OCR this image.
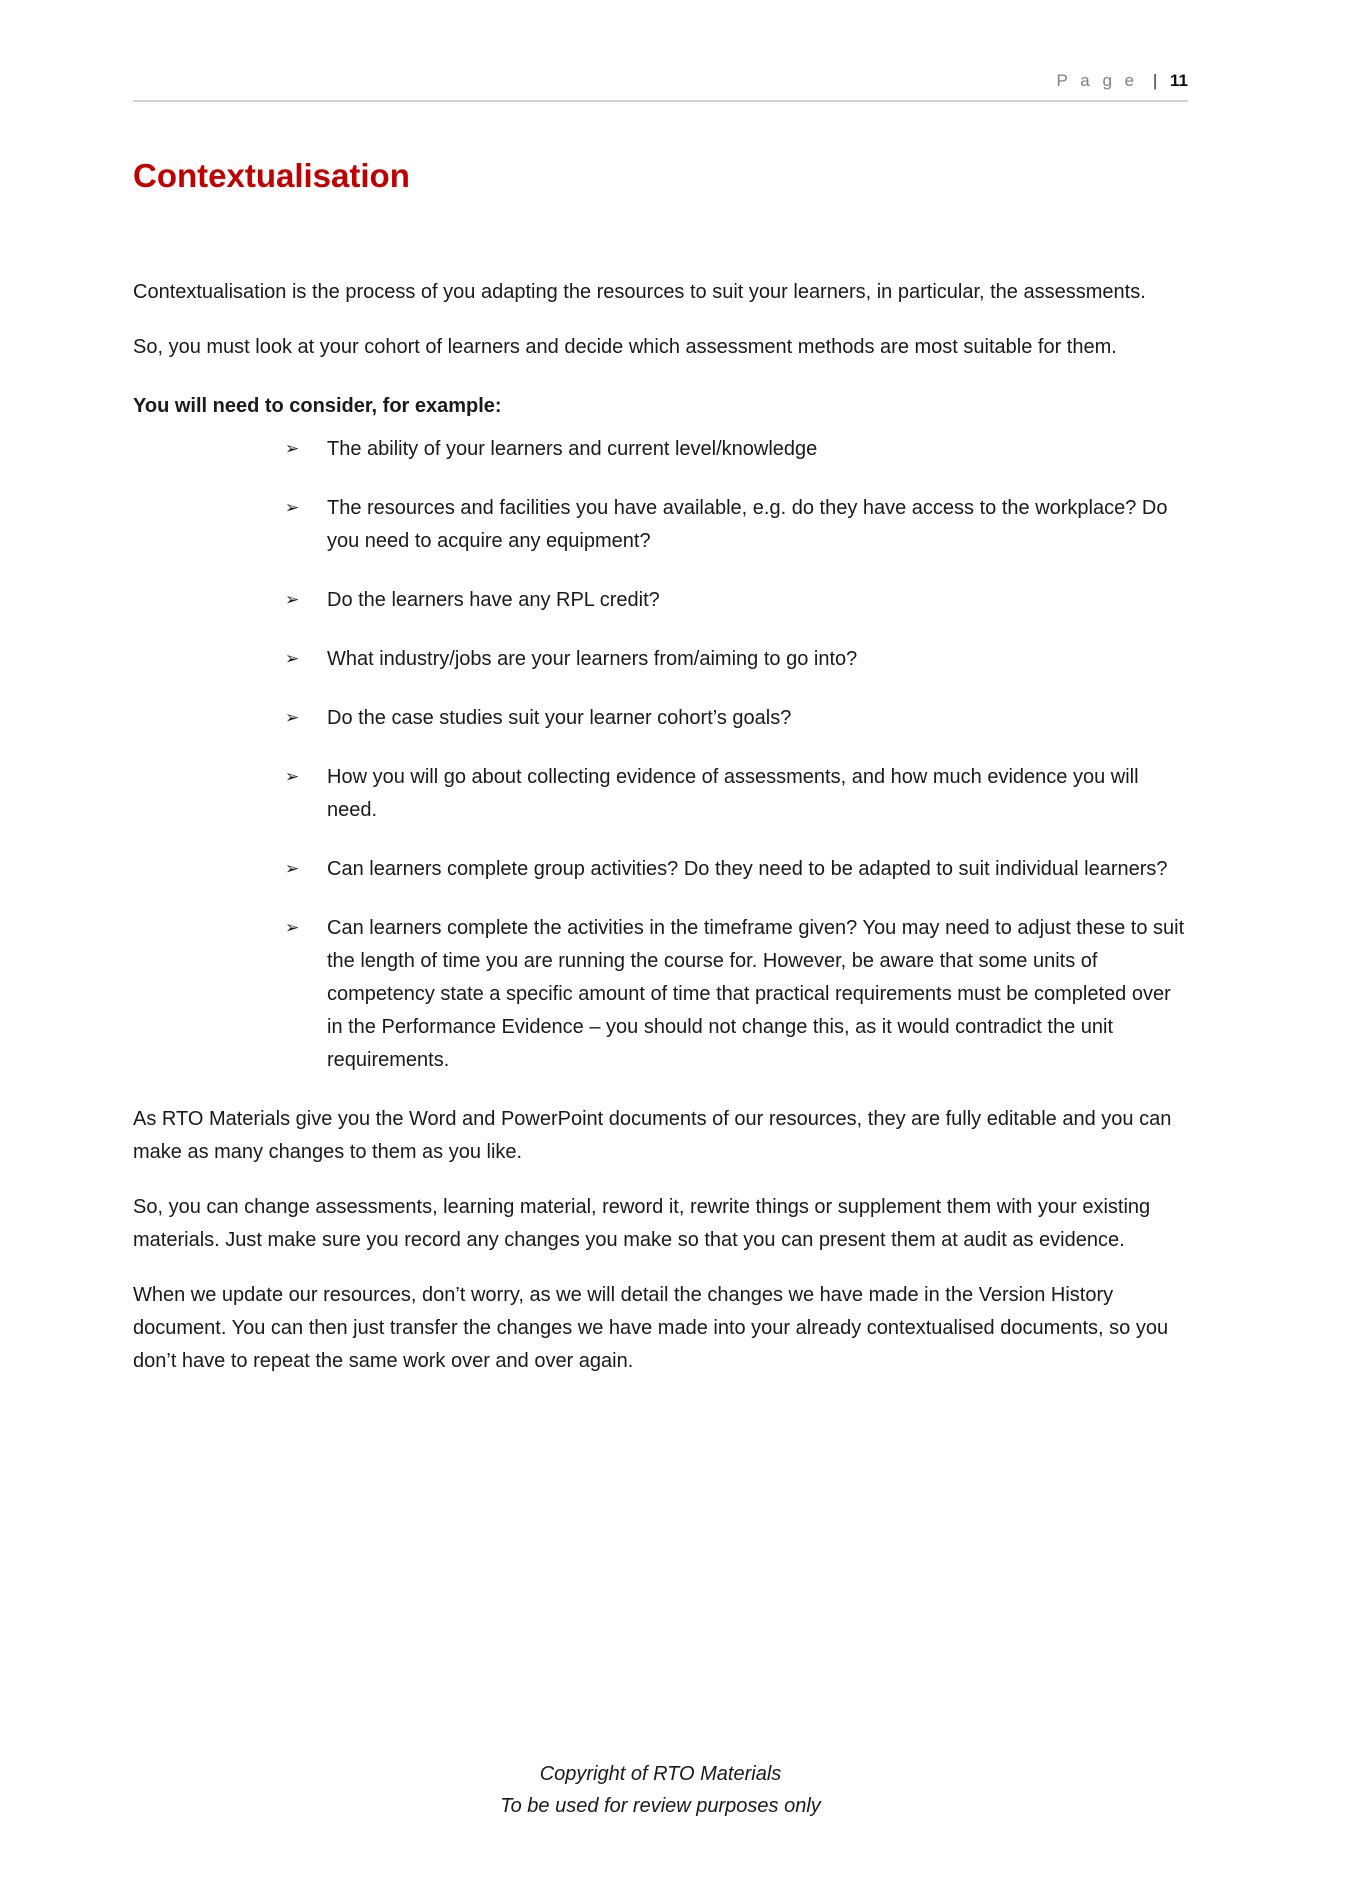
P a g e | 11
Contextualisation

Contextualisation is the process of you adapting the resources to suit your learners, in particular, the assessments.

So, you must look at your cohort of learners and decide which assessment methods are most suitable for them.

You will need to consider, for example:

➢	The ability of your learners and current level/knowledge
➢	The resources and facilities you have available, e.g. do they have access to the workplace? Do you need to acquire any equipment?
➢	Do the learners have any RPL credit?
➢	What industry/jobs are your learners from/aiming to go into?
➢	Do the case studies suit your learner cohort’s goals?
➢	How you will go about collecting evidence of assessments, and how much evidence you will need.
➢	Can learners complete group activities? Do they need to be adapted to suit individual learners?
➢	Can learners complete the activities in the timeframe given? You may need to adjust these to suit the length of time you are running the course for. However, be aware that some units of competency state a specific amount of time that practical requirements must be completed over in the Performance Evidence – you should not change this, as it would contradict the unit requirements.

As RTO Materials give you the Word and PowerPoint documents of our resources, they are fully editable and you can make as many changes to them as you like.

So, you can change assessments, learning material, reword it, rewrite things or supplement them with your existing materials. Just make sure you record any changes you make so that you can present them at audit as evidence.

When we update our resources, don’t worry, as we will detail the changes we have made in the Version History document. You can then just transfer the changes we have made into your already contextualised documents, so you don’t have to repeat the same work over and over again.

Copyright of RTO Materials
To be used for review purposes only
